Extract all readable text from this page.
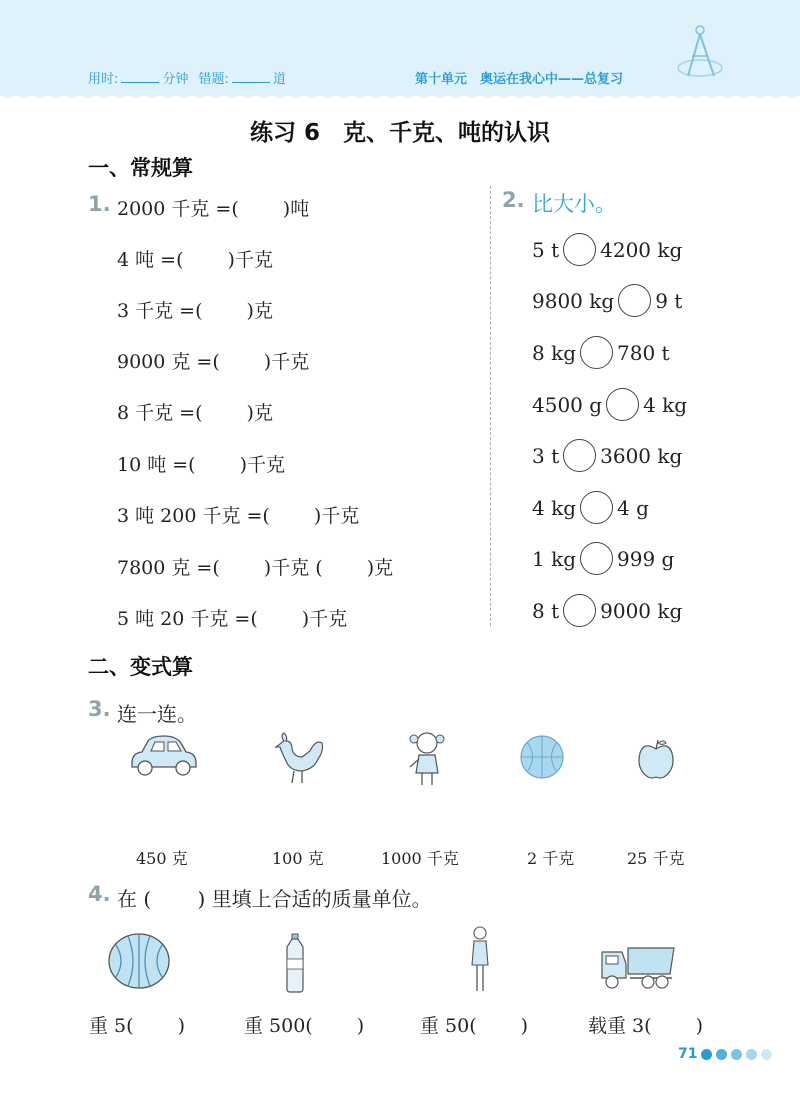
用时:	分钟 错题:	道	第十单元　奥运在我心中——总复习
练习 6　克、千克、吨的认识
一、常规算
1. 2000 千克 =(　　 )吨
4 吨 =(　　 )千克
3 千克 =(　　 )克
9000 克 =(　　 )千克
8 千克 =(　　 )克
10 吨 =(　　 )千克
3 吨 200 千克 =(　　 )千克
7800 克 =(　　 )千克 (　　 )克
5 吨 20 千克 =(　　 )千克
2. 比大小。
5 t 4200 kg
9800 kg 9 t
8 kg 780 t
4500 g 4 kg
3 t 3600 kg
4 kg 4 g
1 kg 999 g
8 t 9000 kg
二、变式算
3. 连一连。
450 克	100 克	1000 千克	2 千克	25 千克
4. 在 (　　 ) 里填上合适的质量单位。
重 5(　　 )	重 500(　　 )	重 50(　　 )	载重 3(　　 )
71
